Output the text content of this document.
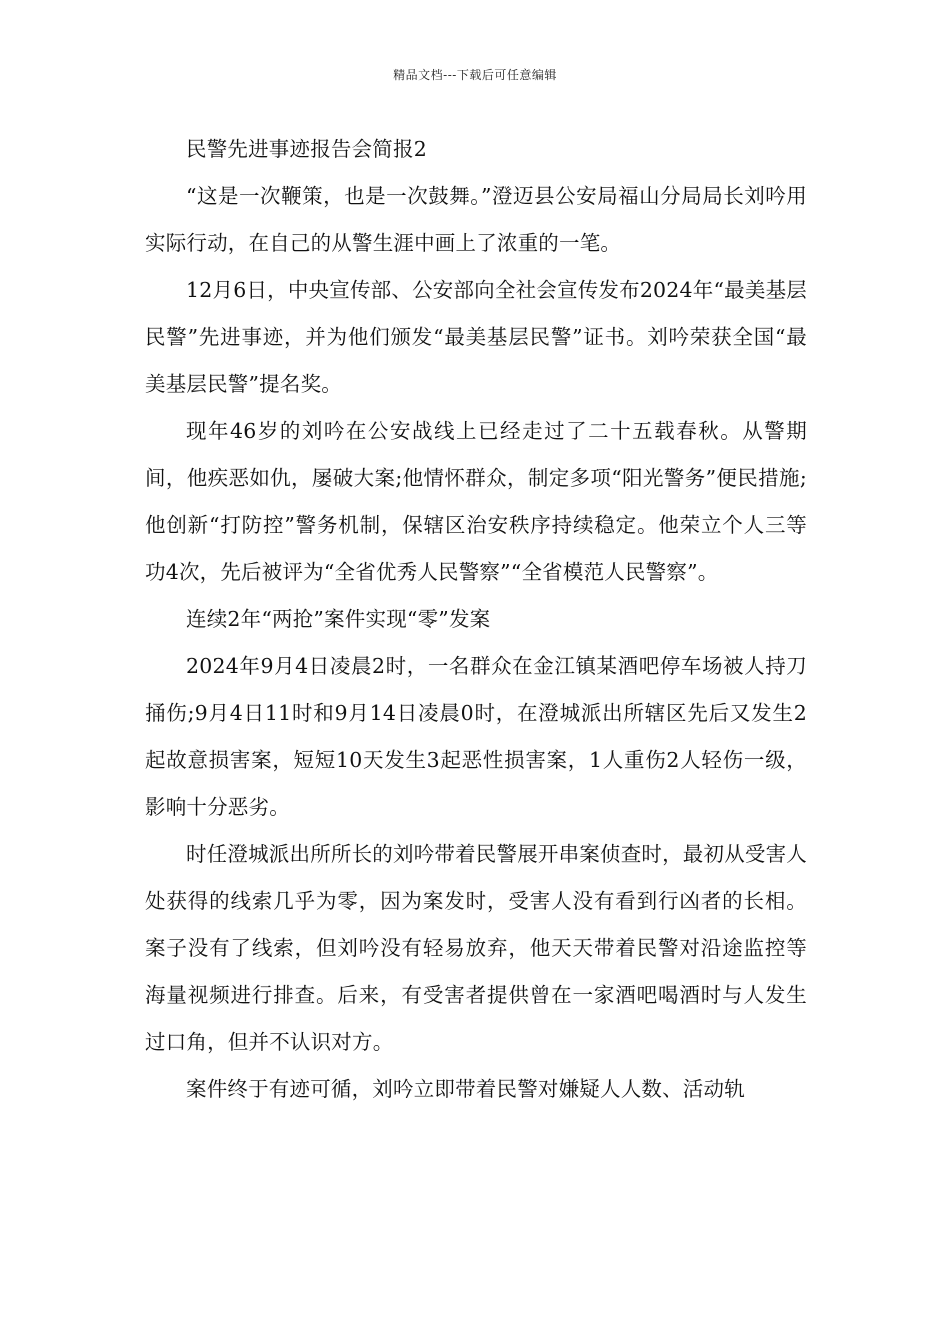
精品文档---下载后可任意编辑

民警先进事迹报告会简报2

“这是一次鞭策，也是一次鼓舞。”澄迈县公安局福山分局局长刘吟用实际行动，在自己的从警生涯中画上了浓重的一笔。

12月6日，中央宣传部、公安部向全社会宣传发布2024年“最美基层民警”先进事迹，并为他们颁发“最美基层民警”证书。刘吟荣获全国“最美基层民警”提名奖。

现年46岁的刘吟在公安战线上已经走过了二十五载春秋。从警期间，他疾恶如仇，屡破大案;他情怀群众，制定多项“阳光警务”便民措施;他创新“打防控”警务机制，保辖区治安秩序持续稳定。他荣立个人三等功4次，先后被评为“全省优秀人民警察”“全省模范人民警察”。

连续2年“两抢”案件实现“零”发案

2024年9月4日凌晨2时，一名群众在金江镇某酒吧停车场被人持刀捅伤;9月4日11时和9月14日凌晨0时，在澄城派出所辖区先后又发生2起故意损害案，短短10天发生3起恶性损害案，1人重伤2人轻伤一级，影响十分恶劣。

时任澄城派出所所长的刘吟带着民警展开串案侦查时，最初从受害人处获得的线索几乎为零，因为案发时，受害人没有看到行凶者的长相。案子没有了线索，但刘吟没有轻易放弃，他天天带着民警对沿途监控等海量视频进行排查。后来，有受害者提供曾在一家酒吧喝酒时与人发生过口角，但并不认识对方。

案件终于有迹可循，刘吟立即带着民警对嫌疑人人数、活动轨
